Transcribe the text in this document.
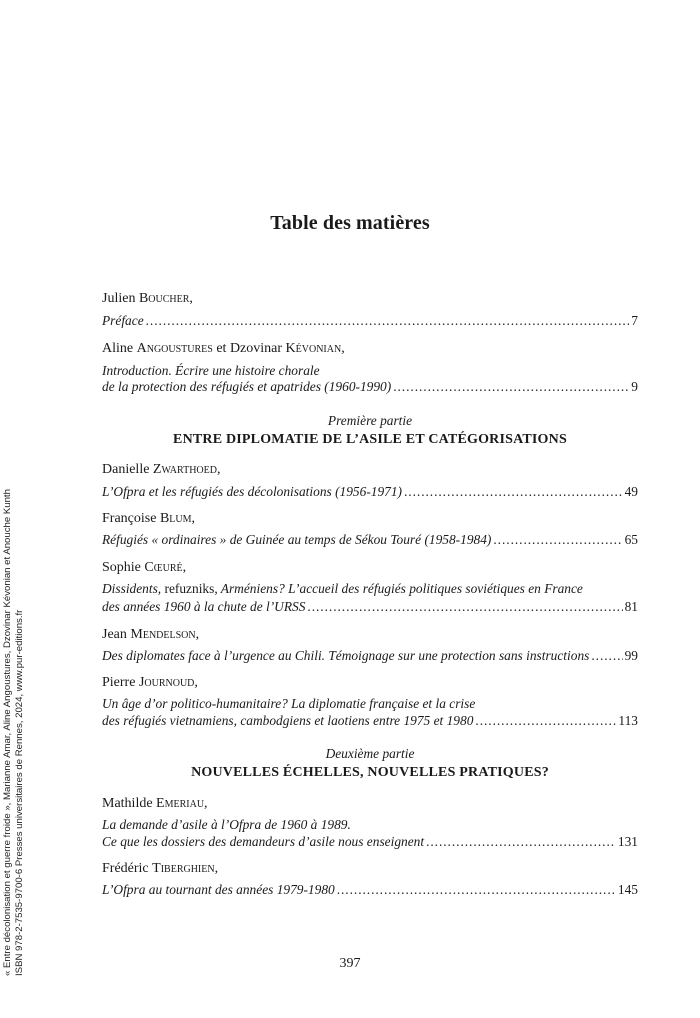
Table des matières
Julien Boucher,
Préface . . .	7
Aline Angoustures et Dzovinar Kévonian,
Introduction. Écrire une histoire chorale
de la protection des réfugiés et apatrides (1960-1990) . . .	9
Première partie
ENTRE DIPLOMATIE DE L’ASILE ET CATÉGORISATIONS
Danielle Zwarthoed,
L’Ofpra et les réfugiés des décolonisations (1956-1971) . . .	49
Françoise Blum,
Réfugiés « ordinaires » de Guinée au temps de Sékou Touré (1958-1984) . . .	65
Sophie Cœuré,
Dissidents, refuzniks, Arméniens? L’accueil des réfugiés politiques soviétiques en France
des années 1960 à la chute de l’URSS . . .	81
Jean Mendelson,
Des diplomates face à l’urgence au Chili. Témoignage sur une protection sans instructions . . .	99
Pierre Journoud,
Un âge d’or politico-humanitaire? La diplomatie française et la crise
des réfugiés vietnamiens, cambodgiens et laotiens entre 1975 et 1980 . . .	113
Deuxième partie
NOUVELLES ÉCHELLES, NOUVELLES PRATIQUES?
Mathilde Emeriau,
La demande d’asile à l’Ofpra de 1960 à 1989.
Ce que les dossiers des demandeurs d’asile nous enseignent . . .	131
Frédéric Tiberghien,
L’Ofpra au tournant des années 1979-1980 . . .	145
397
« Entre décolonisation et guerre froide », Marianne Amar, Aline Angoustures, Dzovinar Kévonian et Anouche Kunth ISBN 978-2-7535-9700-6 Presses universitaires de Rennes, 2024, www.pur-editions.fr
